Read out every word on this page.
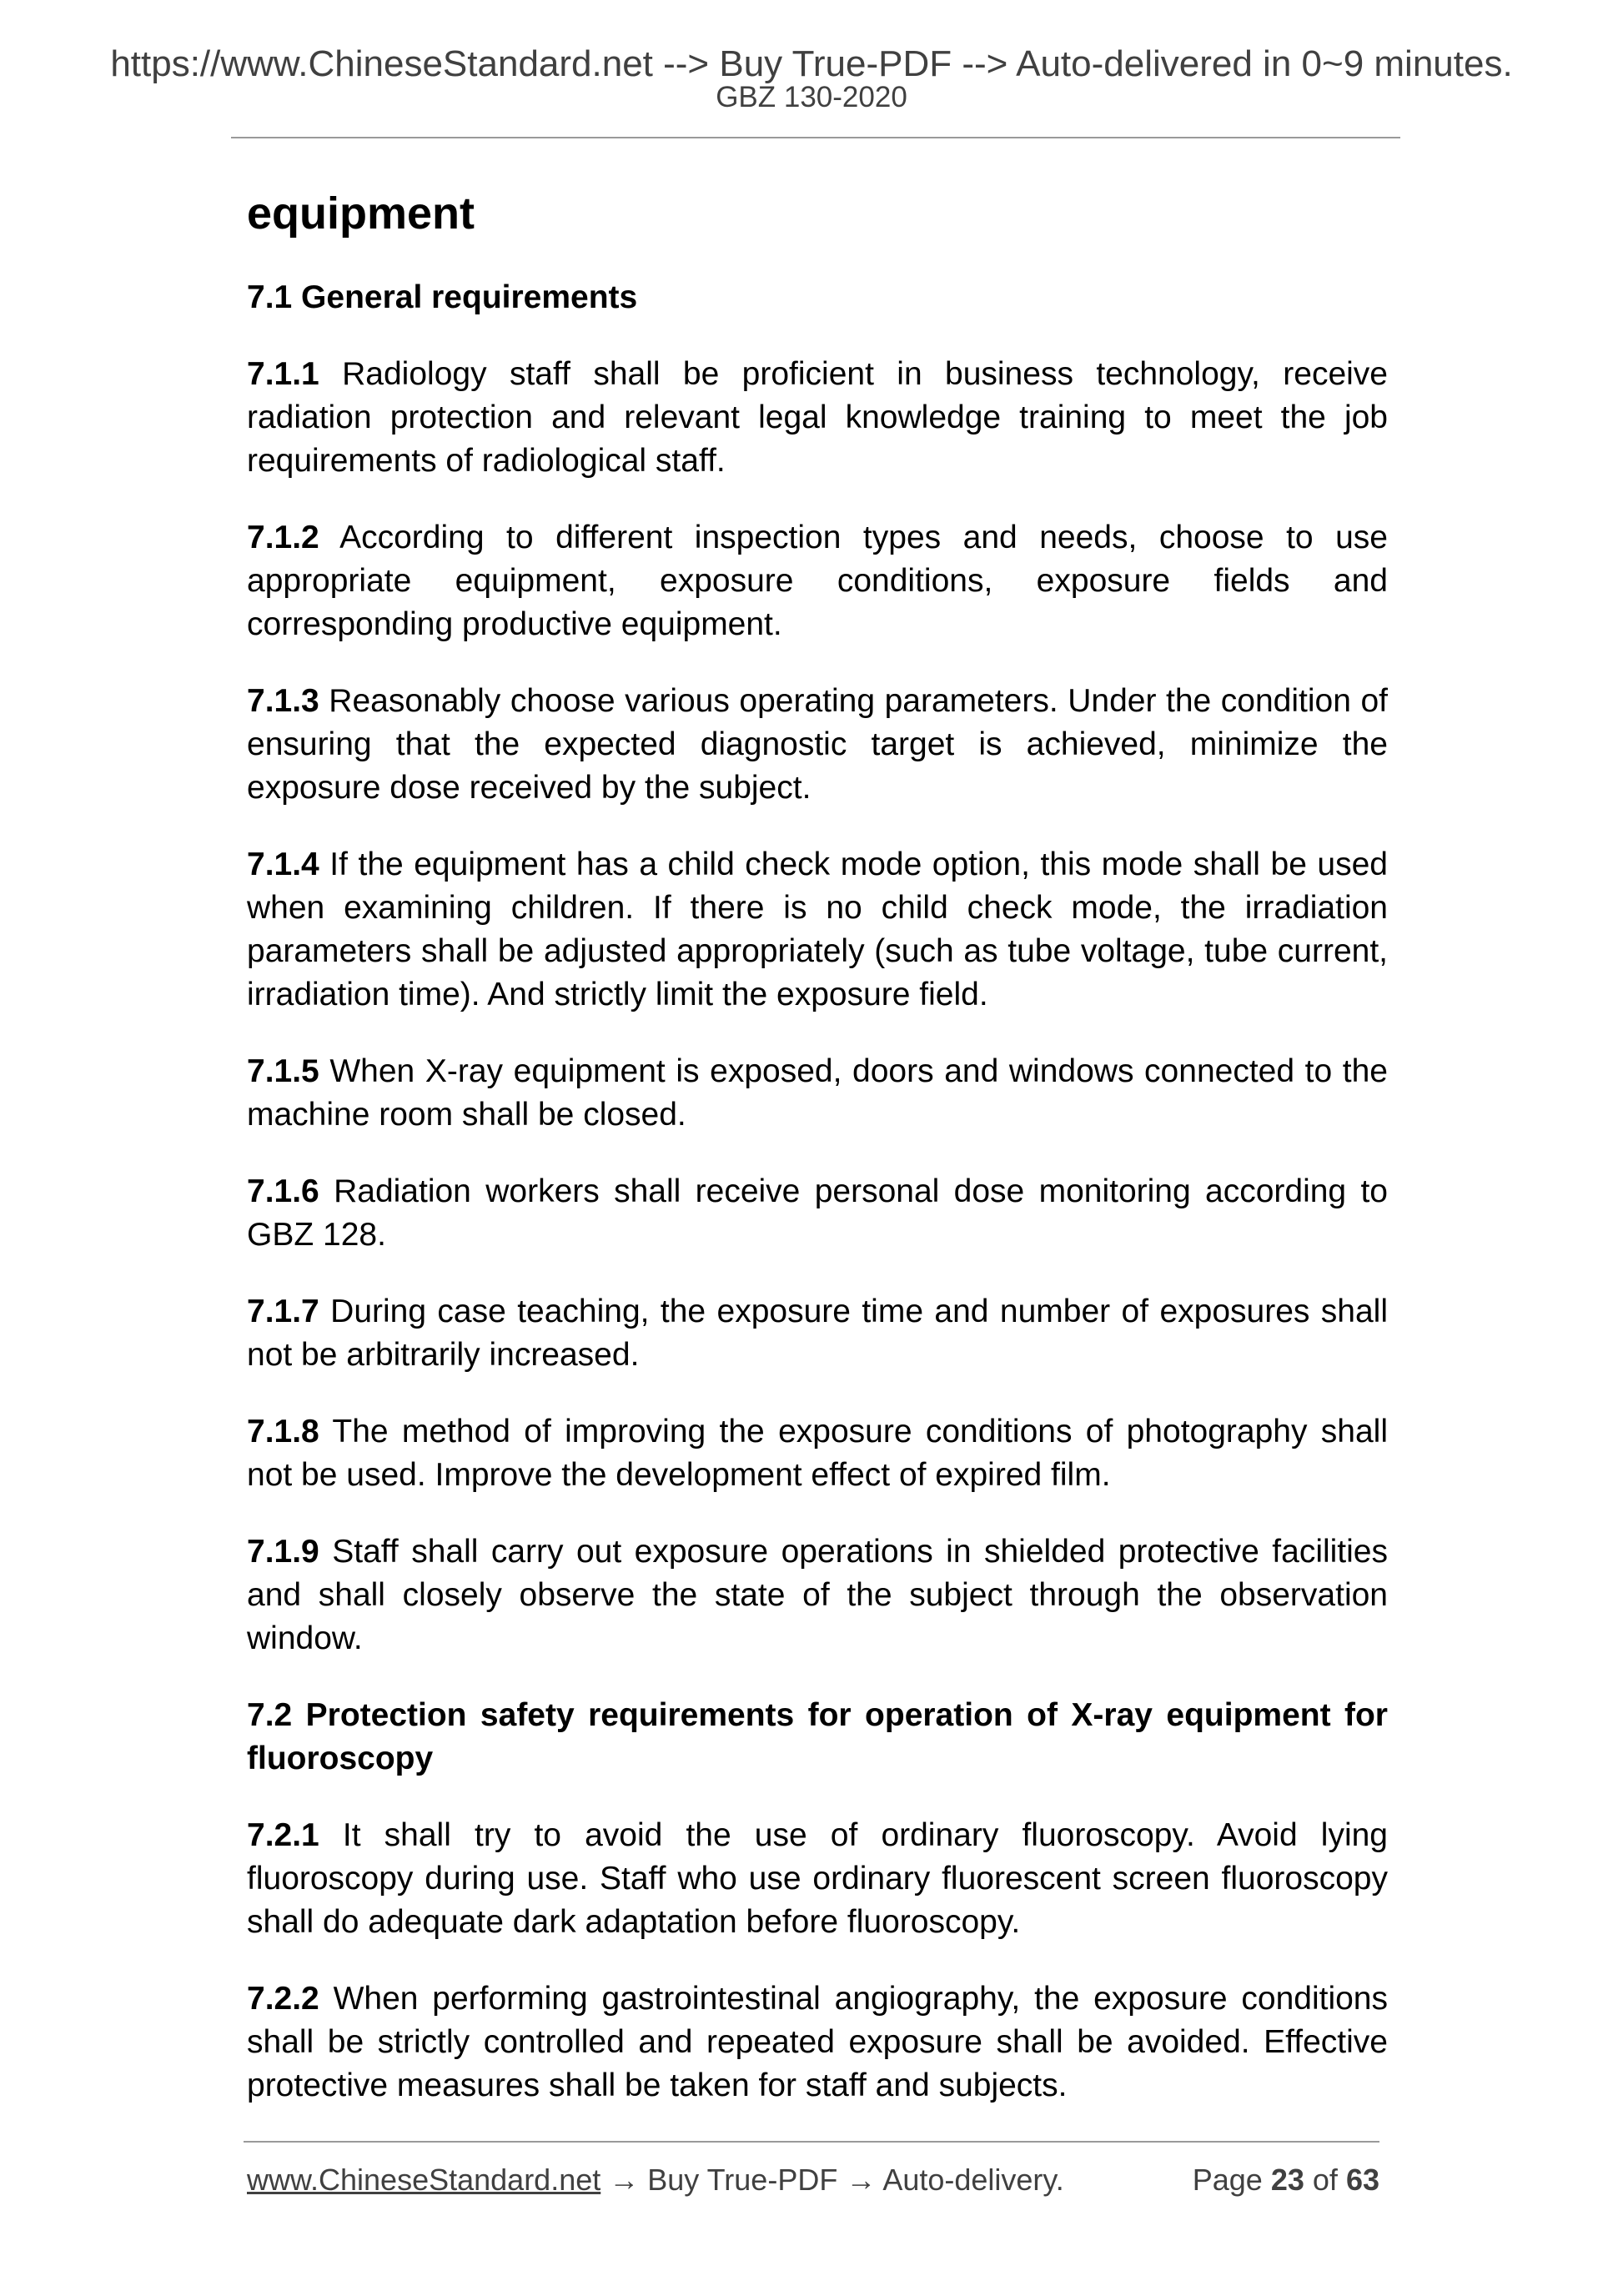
https://www.ChineseStandard.net --> Buy True-PDF --> Auto-delivered in 0~9 minutes.
GBZ 130-2020
equipment
7.1 General requirements

7.1.1 Radiology staff shall be proficient in business technology, receive radiation protection and relevant legal knowledge training to meet the job requirements of radiological staff.

7.1.2 According to different inspection types and needs, choose to use appropriate equipment, exposure conditions, exposure fields and corresponding productive equipment.

7.1.3 Reasonably choose various operating parameters. Under the condition of ensuring that the expected diagnostic target is achieved, minimize the exposure dose received by the subject.

7.1.4 If the equipment has a child check mode option, this mode shall be used when examining children. If there is no child check mode, the irradiation parameters shall be adjusted appropriately (such as tube voltage, tube current, irradiation time). And strictly limit the exposure field.

7.1.5 When X-ray equipment is exposed, doors and windows connected to the machine room shall be closed.

7.1.6 Radiation workers shall receive personal dose monitoring according to GBZ 128.

7.1.7 During case teaching, the exposure time and number of exposures shall not be arbitrarily increased.

7.1.8 The method of improving the exposure conditions of photography shall not be used. Improve the development effect of expired film.

7.1.9 Staff shall carry out exposure operations in shielded protective facilities and shall closely observe the state of the subject through the observation window.

7.2 Protection safety requirements for operation of X-ray equipment for fluoroscopy

7.2.1 It shall try to avoid the use of ordinary fluoroscopy. Avoid lying fluoroscopy during use. Staff who use ordinary fluorescent screen fluoroscopy shall do adequate dark adaptation before fluoroscopy.

7.2.2 When performing gastrointestinal angiography, the exposure conditions shall be strictly controlled and repeated exposure shall be avoided. Effective protective measures shall be taken for staff and subjects.

www.ChineseStandard.net → Buy True-PDF → Auto-delivery.	Page 23 of 63
